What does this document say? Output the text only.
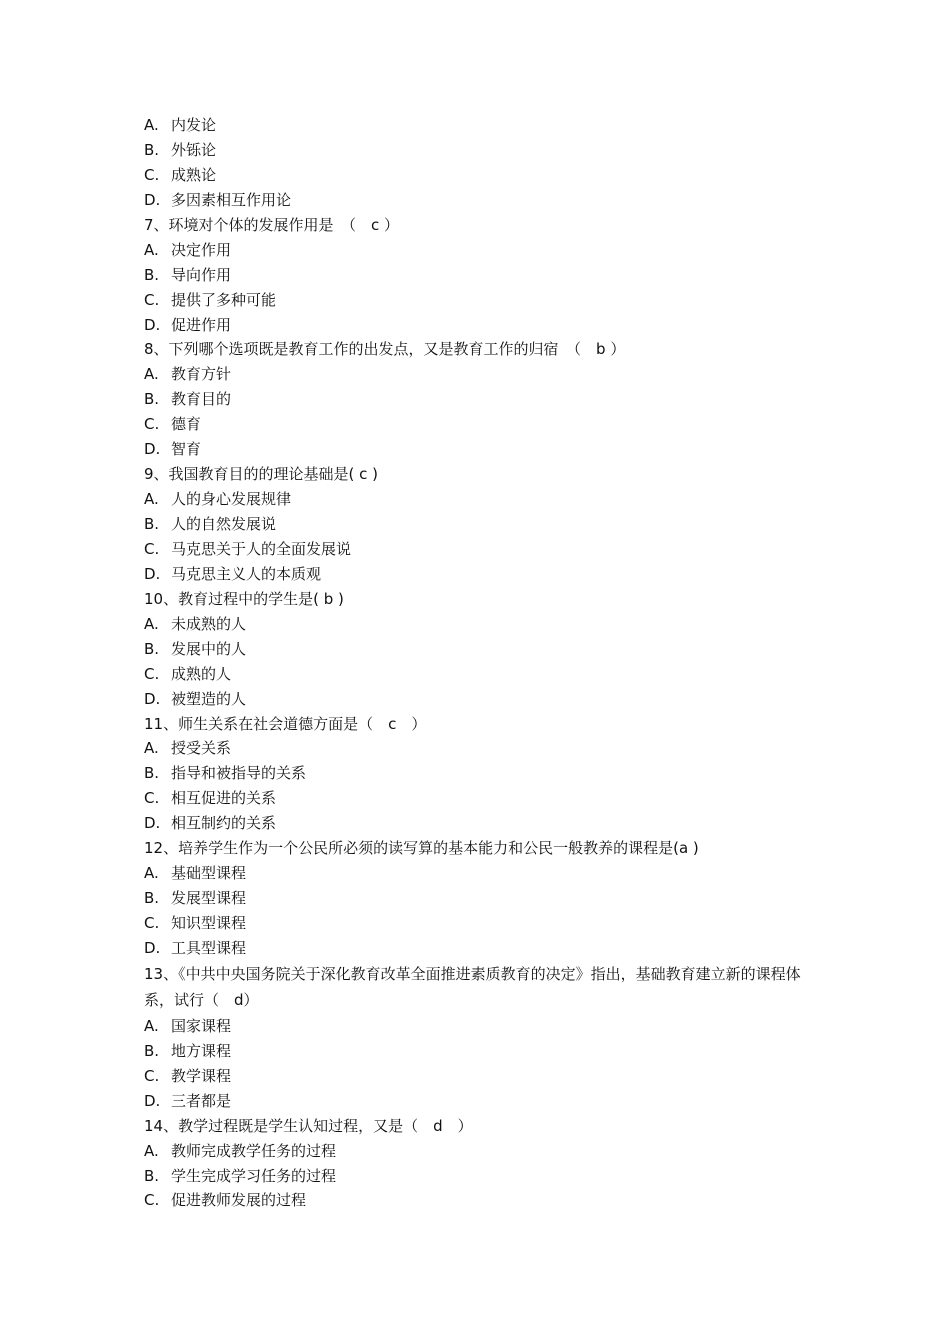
A. 内发论
B. 外铄论
C. 成熟论
D. 多因素相互作用论
7、环境对个体的发展作用是　（　c ）
A. 决定作用
B. 导向作用
C. 提供了多种可能
D. 促进作用
8、下列哪个选项既是教育工作的出发点，又是教育工作的归宿　（　b ）
A. 教育方针
B. 教育目的
C. 德育
D. 智育
9、我国教育目的的理论基础是( c )
A. 人的身心发展规律
B. 人的自然发展说
C. 马克思关于人的全面发展说
D. 马克思主义人的本质观
10、教育过程中的学生是( b )
A. 未成熟的人
B. 发展中的人
C. 成熟的人
D. 被塑造的人
11、师生关系在社会道德方面是（　c　）
A. 授受关系
B. 指导和被指导的关系
C. 相互促进的关系
D. 相互制约的关系
12、培养学生作为一个公民所必须的读写算的基本能力和公民一般教养的课程是(a )
A. 基础型课程
B. 发展型课程
C. 知识型课程
D. 工具型课程
13、《中共中央国务院关于深化教育改革全面推进素质教育的决定》指出，基础教育建立新的课程体系，试行（　d）
A. 国家课程
B. 地方课程
C. 教学课程
D. 三者都是
14、教学过程既是学生认知过程，又是（　d　）
A. 教师完成教学任务的过程
B. 学生完成学习任务的过程
C. 促进教师发展的过程
